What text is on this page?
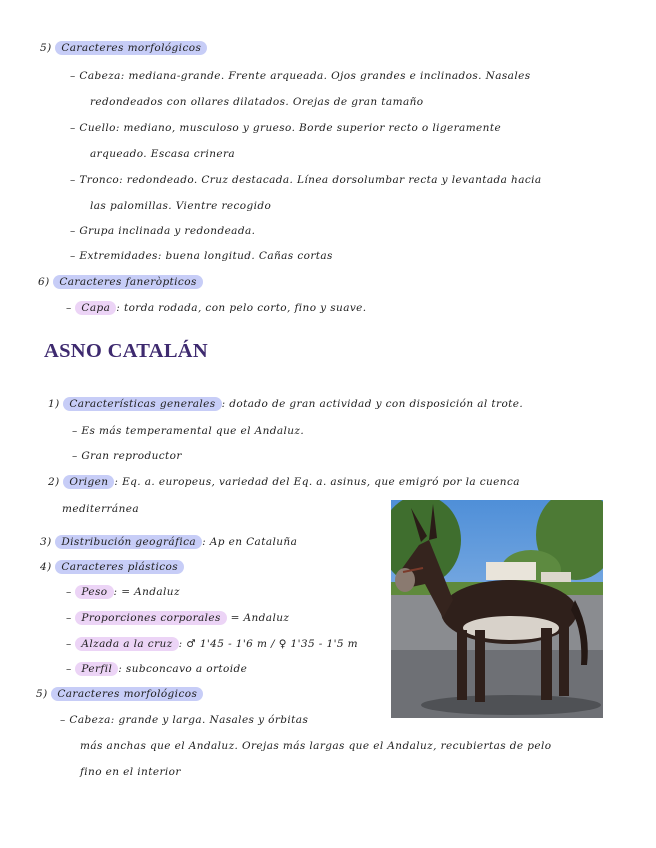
5) Caracteres morfológicos
– Cabeza: mediana-grande. Frente arqueada. Ojos grandes e inclinados. Nasales
redondeados con ollares dilatados. Orejas de gran tamaño
– Cuello: mediano, musculoso y grueso. Borde superior recto o ligeramente
arqueado. Escasa crinera
– Tronco: redondeado. Cruz destacada. Línea dorsolumbar recta y levantada hacia
las palomillas. Vientre recogido
– Grupa inclinada y redondeada.
– Extremidades: buena longitud. Cañas cortas
6) Caracteres faneròpticos
– Capa : torda rodada, con pelo corto, fino y suave.
ASNO CATALÁN
1) Características generales : dotado de gran actividad y con disposición al trote.
– Es más temperamental que el Andaluz.
– Gran reproductor
2) Origen : Eq. a. europeus, variedad del Eq. a. asinus, que emigró por la cuenca
mediterránea
3) Distribución geográfica : Ap en Cataluña
4) Caracteres plásticos
– Peso : = Andaluz
– Proporciones corporales = Andaluz
– Alzada a la cruz : ♂ 1'45 - 1'6 m / ♀ 1'35 - 1'5 m
– Perfil : subconcavo a ortoide
5) Caracteres morfológicos
– Cabeza: grande y larga. Nasales y órbitas
más anchas que el Andaluz. Orejas más largas que el Andaluz, recubiertas de pelo
fino en el interior
